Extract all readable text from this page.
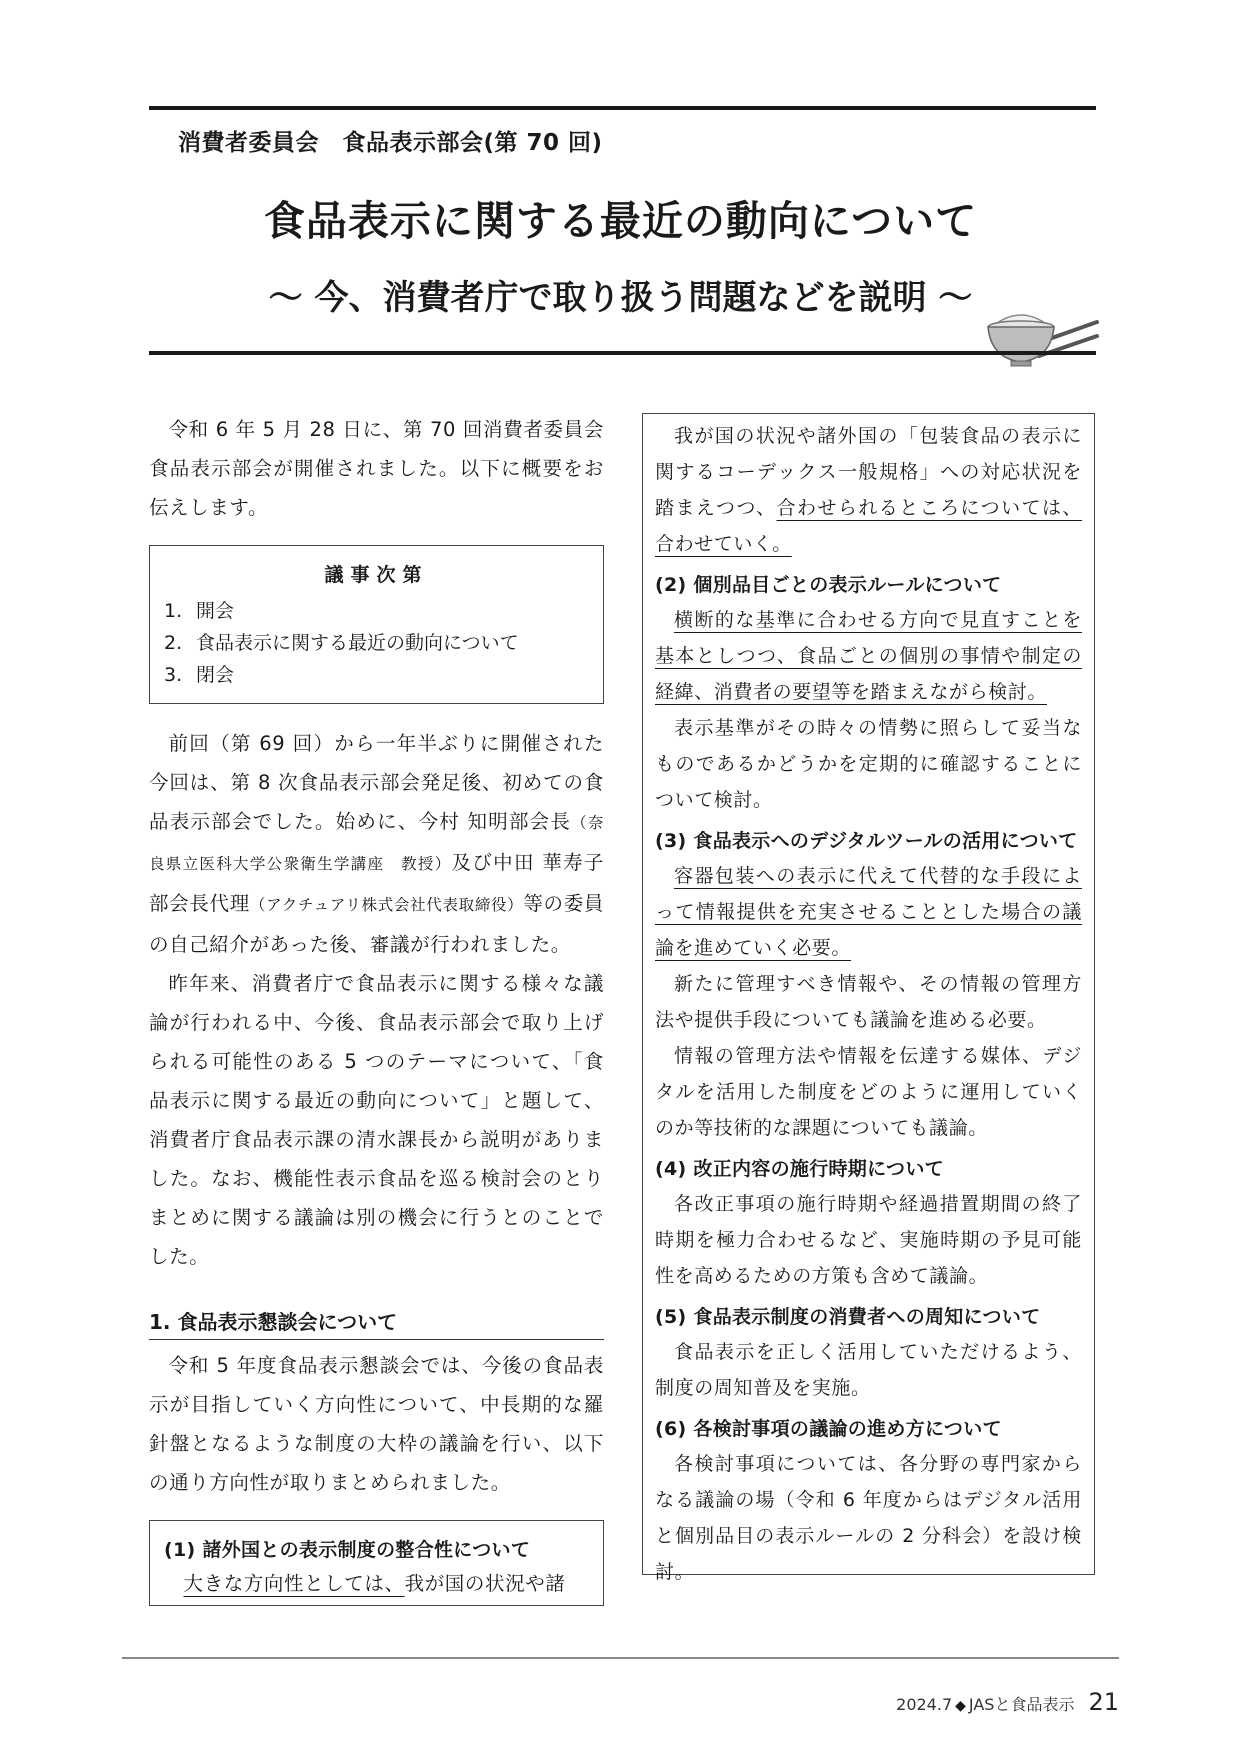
消費者委員会　食品表示部会(第 70 回)
食品表示に関する最近の動向について
～ 今、消費者庁で取り扱う問題などを説明 ～

令和 6 年 5 月 28 日に、第 70 回消費者委員会　食品表示部会が開催されました。以下に概要をお伝えします。

議事次第
1. 開会
2. 食品表示に関する最近の動向について
3. 閉会

前回（第 69 回）から一年半ぶりに開催された今回は、第 8 次食品表示部会発足後、初めての食品表示部会でした。始めに、今村 知明部会長（奈良県立医科大学公衆衛生学講座　教授）及び中田 華寿子部会長代理（アクチュアリ株式会社代表取締役）等の委員の自己紹介があった後、審議が行われました。

昨年来、消費者庁で食品表示に関する様々な議論が行われる中、今後、食品表示部会で取り上げられる可能性のある 5 つのテーマについて、「食品表示に関する最近の動向について」と題して、消費者庁食品表示課の清水課長から説明がありました。なお、機能性表示食品を巡る検討会のとりまとめに関する議論は別の機会に行うとのことでした。

1. 食品表示懇談会について

令和 5 年度食品表示懇談会では、今後の食品表示が目指していく方向性について、中長期的な羅針盤となるような制度の大枠の議論を行い、以下の通り方向性が取りまとめられました。

(1) 諸外国との表示制度の整合性について

大きな方向性としては、我が国の状況や諸

我が国の状況や諸外国の「包装食品の表示に関するコーデックス一般規格」への対応状況を踏まえつつ、合わせられるところについては、合わせていく。

(2) 個別品目ごとの表示ルールについて

横断的な基準に合わせる方向で見直すことを基本としつつ、食品ごとの個別の事情や制定の経緯、消費者の要望等を踏まえながら検討。

表示基準がその時々の情勢に照らして妥当なものであるかどうかを定期的に確認することについて検討。

(3) 食品表示へのデジタルツールの活用について

容器包装への表示に代えて代替的な手段によって情報提供を充実させることとした場合の議論を進めていく必要。

新たに管理すべき情報や、その情報の管理方法や提供手段についても議論を進める必要。

情報の管理方法や情報を伝達する媒体、デジタルを活用した制度をどのように運用していくのか等技術的な課題についても議論。

(4) 改正内容の施行時期について

各改正事項の施行時期や経過措置期間の終了時期を極力合わせるなど、実施時期の予見可能性を高めるための方策も含めて議論。

(5) 食品表示制度の消費者への周知について

食品表示を正しく活用していただけるよう、制度の周知普及を実施。

(6) 各検討事項の議論の進め方について

各検討事項については、各分野の専門家からなる議論の場（令和 6 年度からはデジタル活用と個別品目の表示ルールの 2 分科会）を設け検討。

2024.7 ◆ JASと食品表示 21
